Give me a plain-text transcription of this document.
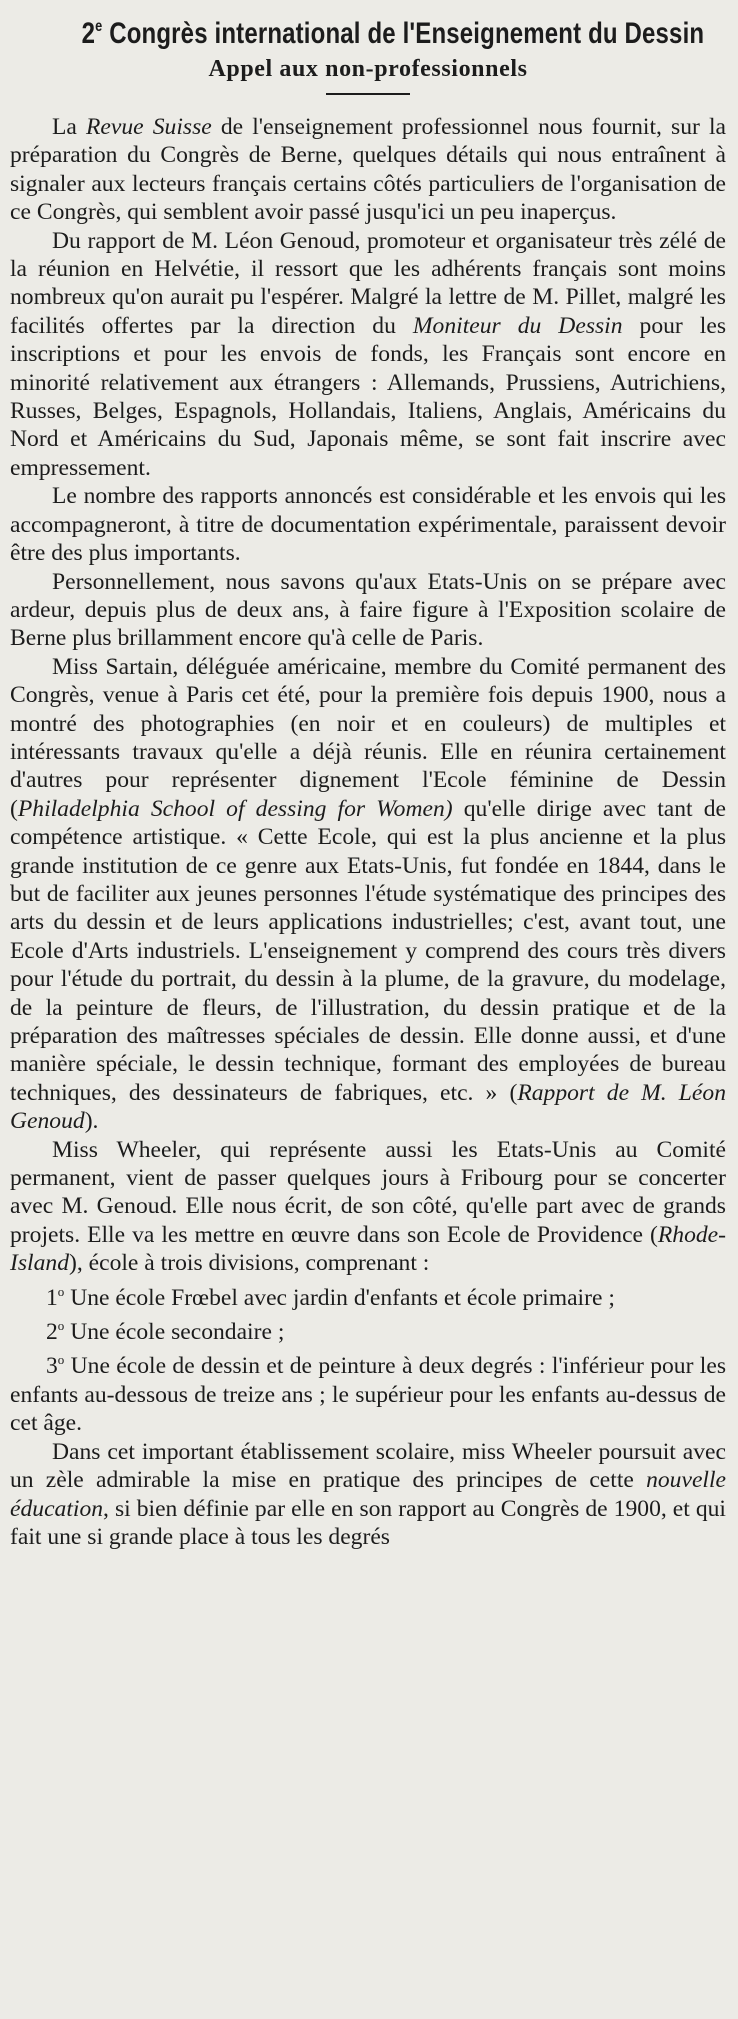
2e Congrès international de l'Enseignement du Dessin
Appel aux non-professionnels

La Revue Suisse de l'enseignement professionnel nous fournit, sur la préparation du Congrès de Berne, quelques détails qui nous entraînent à signaler aux lecteurs français certains côtés particuliers de l'organisation de ce Congrès, qui semblent avoir passé jusqu'ici un peu inaperçus.

Du rapport de M. Léon Genoud, promoteur et organisateur très zélé de la réunion en Helvétie, il ressort que les adhérents français sont moins nombreux qu'on aurait pu l'espérer. Malgré la lettre de M. Pillet, malgré les facilités offertes par la direction du Moniteur du Dessin pour les inscriptions et pour les envois de fonds, les Français sont encore en minorité relativement aux étrangers : Allemands, Prussiens, Autrichiens, Russes, Belges, Espagnols, Hollandais, Italiens, Anglais, Américains du Nord et Américains du Sud, Japonais même, se sont fait inscrire avec empressement.

Le nombre des rapports annoncés est considérable et les envois qui les accompagneront, à titre de documentation expérimentale, paraissent devoir être des plus importants.

Personnellement, nous savons qu'aux Etats-Unis on se prépare avec ardeur, depuis plus de deux ans, à faire figure à l'Exposition scolaire de Berne plus brillamment encore qu'à celle de Paris.

Miss Sartain, déléguée américaine, membre du Comité permanent des Congrès, venue à Paris cet été, pour la première fois depuis 1900, nous a montré des photographies (en noir et en couleurs) de multiples et intéressants travaux qu'elle a déjà réunis. Elle en réunira certainement d'autres pour représenter dignement l'Ecole féminine de Dessin (Philadelphia School of dessing for Women) qu'elle dirige avec tant de compétence artistique. « Cette Ecole, qui est la plus ancienne et la plus grande institution de ce genre aux Etats-Unis, fut fondée en 1844, dans le but de faciliter aux jeunes personnes l'étude systématique des principes des arts du dessin et de leurs applications industrielles; c'est, avant tout, une Ecole d'Arts industriels. L'enseignement y comprend des cours très divers pour l'étude du portrait, du dessin à la plume, de la gravure, du modelage, de la peinture de fleurs, de l'illustration, du dessin pratique et de la préparation des maîtresses spéciales de dessin. Elle donne aussi, et d'une manière spéciale, le dessin technique, formant des employées de bureau techniques, des dessinateurs de fabriques, etc. » (Rapport de M. Léon Genoud).

Miss Wheeler, qui représente aussi les Etats-Unis au Comité permanent, vient de passer quelques jours à Fribourg pour se concerter avec M. Genoud. Elle nous écrit, de son côté, qu'elle part avec de grands projets. Elle va les mettre en œuvre dans son Ecole de Providence (Rhode-Island), école à trois divisions, comprenant :

1$^o$ Une école Frœbel avec jardin d'enfants et école primaire ;

2$^o$ Une école secondaire ;

3$^o$ Une école de dessin et de peinture à deux degrés : l'inférieur pour les enfants au-dessous de treize ans ; le supérieur pour les enfants au-dessus de cet âge.

Dans cet important établissement scolaire, miss Wheeler poursuit avec un zèle admirable la mise en pratique des principes de cette nouvelle éducation, si bien définie par elle en son rapport au Congrès de 1900, et qui fait une si grande place à tous les degrés
